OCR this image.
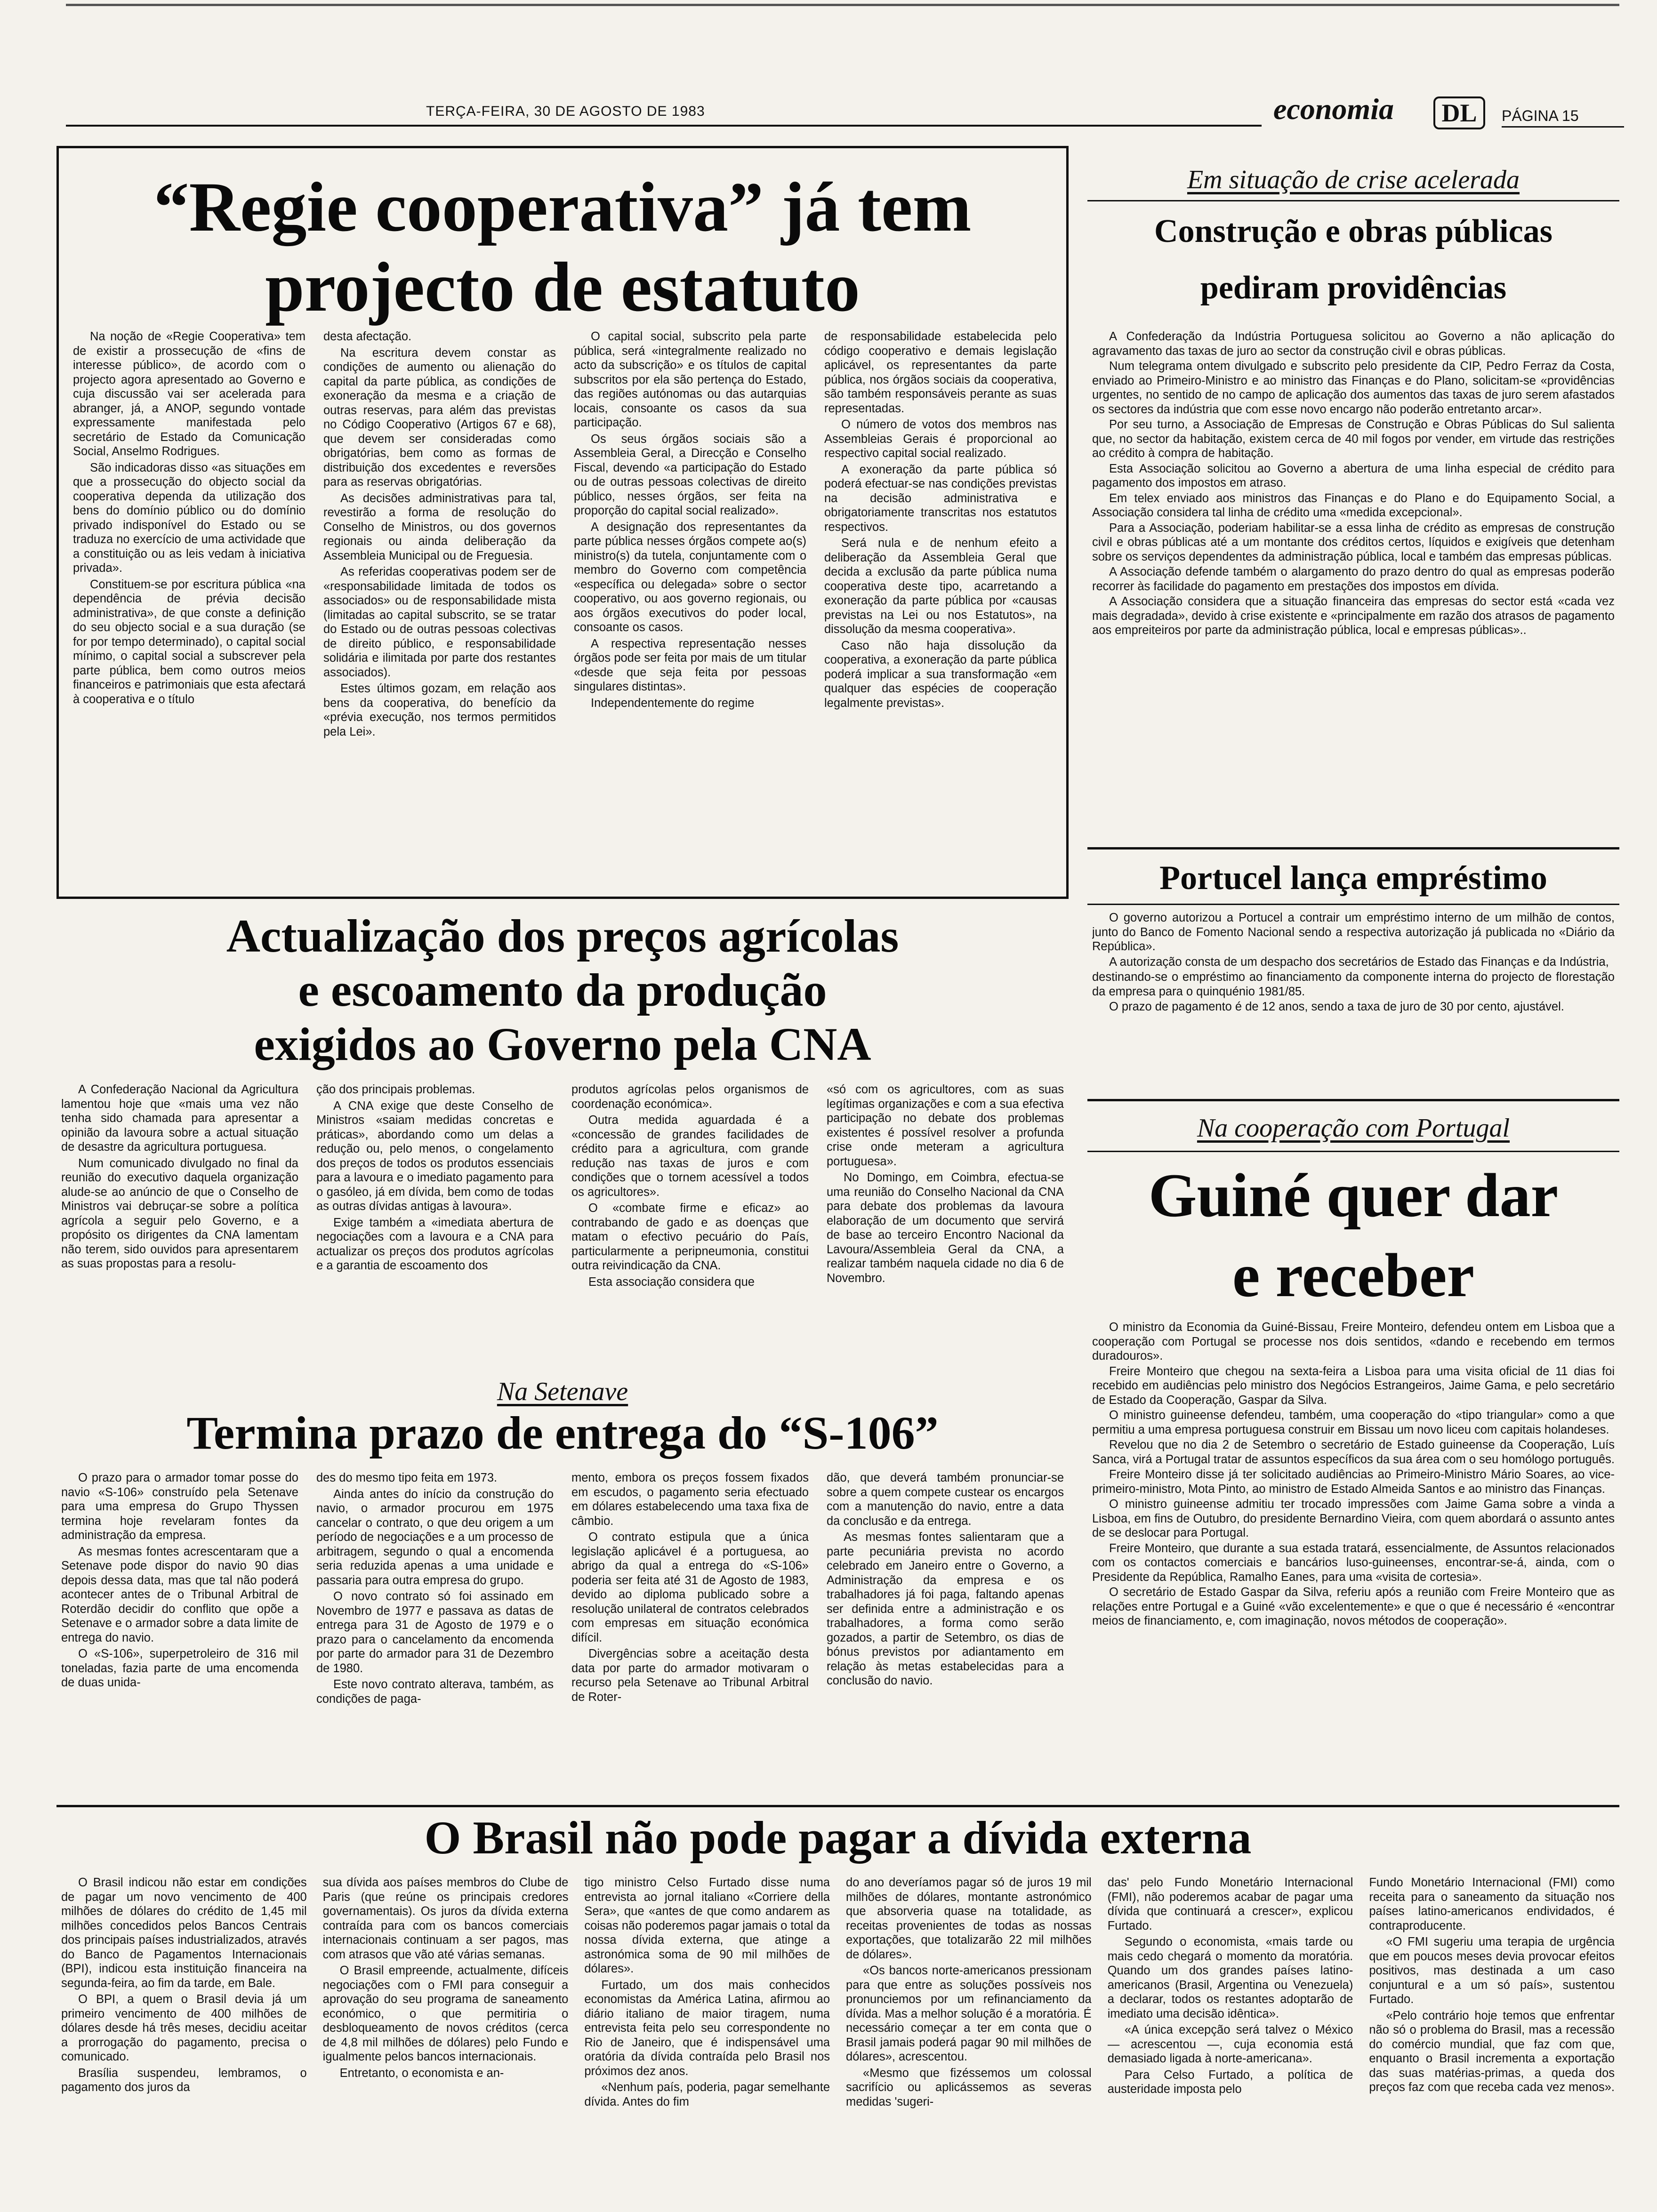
TERÇA-FEIRA, 30 DE AGOSTO DE 1983	economia DL PÁGINA 15
“Regie cooperativa” já tem
projecto de estatuto

Na noção de «Regie Cooperativa» tem de existir a prossecução de «fins de interesse público», de acordo com o projecto agora apresentado ao Governo e cuja discussão vai ser acelerada para abranger, já, a ANOP, segundo vontade expressamente manifestada pelo secretário de Estado da Comunicação Social, Anselmo Rodrigues.

São indicadoras disso «as situações em que a prossecução do objecto social da cooperativa dependa da utilização dos bens do domínio público ou do domínio privado indisponível do Estado ou se traduza no exercício de uma actividade que a constituição ou as leis vedam à iniciativa privada».

Constituem-se por escritura pública «na dependência de prévia decisão administrativa», de que conste a definição do seu objecto social e a sua duração (se for por tempo determinado), o capital social mínimo, o capital social a subscrever pela parte pública, bem como outros meios financeiros e patrimoniais que esta afectará à cooperativa e o título

desta afectação.

Na escritura devem constar as condições de aumento ou alienação do capital da parte pública, as condições de exoneração da mesma e a criação de outras reservas, para além das previstas no Código Cooperativo (Artigos 67 e 68), que devem ser consideradas como obrigatórias, bem como as formas de distribuição dos excedentes e reversões para as reservas obrigatórias.

As decisões administrativas para tal, revestirão a forma de resolução do Conselho de Ministros, ou dos governos regionais ou ainda deliberação da Assembleia Municipal ou de Freguesia.

As referidas cooperativas podem ser de «responsabilidade limitada de todos os associados» ou de responsabilidade mista (limitadas ao capital subscrito, se se tratar do Estado ou de outras pessoas colectivas de direito público, e responsabilidade solidária e ilimitada por parte dos restantes associados).

Estes últimos gozam, em relação aos bens da cooperativa, do benefício da «prévia execução, nos termos permitidos pela Lei».

O capital social, subscrito pela parte pública, será «integralmente realizado no acto da subscrição» e os títulos de capital subscritos por ela são pertença do Estado, das regiões autónomas ou das autarquias locais, consoante os casos da sua participação.

Os seus órgãos sociais são a Assembleia Geral, a Direcção e Conselho Fiscal, devendo «a participação do Estado ou de outras pessoas colectivas de direito público, nesses órgãos, ser feita na proporção do capital social realizado».

A designação dos representantes da parte pública nesses órgãos compete ao(s) ministro(s) da tutela, conjuntamente com o membro do Governo com competência «específica ou delegada» sobre o sector cooperativo, ou aos governo regionais, ou aos órgãos executivos do poder local, consoante os casos.

A respectiva representação nesses órgãos pode ser feita por mais de um titular «desde que seja feita por pessoas singulares distintas».

Independentemente do regime

de responsabilidade estabelecida pelo código cooperativo e demais legislação aplicável, os representantes da parte pública, nos órgãos sociais da cooperativa, são também responsáveis perante as suas representadas.

O número de votos dos membros nas Assembleias Gerais é proporcional ao respectivo capital social realizado.

A exoneração da parte pública só poderá efectuar-se nas condições previstas na decisão administrativa e obrigatoriamente transcritas nos estatutos respectivos.

Será nula e de nenhum efeito a deliberação da Assembleia Geral que decida a exclusão da parte pública numa cooperativa deste tipo, acarretando a exoneração da parte pública por «causas previstas na Lei ou nos Estatutos», na dissolução da mesma cooperativa».

Caso não haja dissolução da cooperativa, a exoneração da parte pública poderá implicar a sua transformação «em qualquer das espécies de cooperação legalmente previstas».

Em situação de crise acelerada
Construção e obras públicas
pediram providências

A Confederação da Indústria Portuguesa solicitou ao Governo a não aplicação do agravamento das taxas de juro ao sector da construção civil e obras públicas.

Num telegrama ontem divulgado e subscrito pelo presidente da CIP, Pedro Ferraz da Costa, enviado ao Primeiro-Ministro e ao ministro das Finanças e do Plano, solicitam-se «providências urgentes, no sentido de no campo de aplicação dos aumentos das taxas de juro serem afastados os sectores da indústria que com esse novo encargo não poderão entretanto arcar».

Por seu turno, a Associação de Empresas de Construção e Obras Públicas do Sul salienta que, no sector da habitação, existem cerca de 40 mil fogos por vender, em virtude das restrições ao crédito à compra de habitação.

Esta Associação solicitou ao Governo a abertura de uma linha especial de crédito para pagamento dos impostos em atraso.

Em telex enviado aos ministros das Finanças e do Plano e do Equipamento Social, a Associação considera tal linha de crédito uma «medida excepcional».

Para a Associação, poderiam habilitar-se a essa linha de crédito as empresas de construção civil e obras públicas até a um montante dos créditos certos, líquidos e exigíveis que detenham sobre os serviços dependentes da administração pública, local e também das empresas públicas.

A Associação defende também o alargamento do prazo dentro do qual as empresas poderão recorrer às facilidade do pagamento em prestações dos impostos em dívida.

A Associação considera que a situação financeira das empresas do sector está «cada vez mais degradada», devido à crise existente e «principalmente em razão dos atrasos de pagamento aos empreiteiros por parte da administração pública, local e empresas públicas»..

Portucel lança empréstimo

O governo autorizou a Portucel a contrair um empréstimo interno de um milhão de contos, junto do Banco de Fomento Nacional sendo a respectiva autorização já publicada no «Diário da República».

A autorização consta de um despacho dos secretários de Estado das Finanças e da Indústria,

destinando-se o empréstimo ao financiamento da componente interna do projecto de florestação da empresa para o quinquénio 1981/85.

O prazo de pagamento é de 12 anos, sendo a taxa de juro de 30 por cento, ajustável.

Actualização dos preços agrícolas
e escoamento da produção
exigidos ao Governo pela CNA

A Confederação Nacional da Agricultura lamentou hoje que «mais uma vez não tenha sido chamada para apresentar a opinião da lavoura sobre a actual situação de desastre da agricultura portuguesa.

Num comunicado divulgado no final da reunião do executivo daquela organização alude-se ao anúncio de que o Conselho de Ministros vai debruçar-se sobre a política agrícola a seguir pelo Governo, e a propósito os dirigentes da CNA lamentam não terem, sido ouvidos para apresentarem as suas propostas para a resolu-

ção dos principais problemas.

A CNA exige que deste Conselho de Ministros «saiam medidas concretas e práticas», abordando como um delas a redução ou, pelo menos, o congelamento dos preços de todos os produtos essenciais para a lavoura e o imediato pagamento para o gasóleo, já em dívida, bem como de todas as outras dívidas antigas à lavoura».

Exige também a «imediata abertura de negociações com a lavoura e a CNA para actualizar os preços dos produtos agrícolas e a garantia de escoamento dos

produtos agrícolas pelos organismos de coordenação económica».

Outra medida aguardada é a «concessão de grandes facilidades de crédito para a agricultura, com grande redução nas taxas de juros e com condições que o tornem acessível a todos os agricultores».

O «combate firme e eficaz» ao contrabando de gado e as doenças que matam o efectivo pecuário do País, particularmente a peripneumonia, constitui outra reivindicação da CNA.

Esta associação considera que

«só com os agricultores, com as suas legítimas organizações e com a sua efectiva participação no debate dos problemas existentes é possível resolver a profunda crise onde meteram a agricultura portuguesa».

No Domingo, em Coimbra, efectua-se uma reunião do Conselho Nacional da CNA para debate dos problemas da lavoura elaboração de um documento que servirá de base ao terceiro Encontro Nacional da Lavoura/Assembleia Geral da CNA, a realizar também naquela cidade no dia 6 de Novembro.

Na cooperação com Portugal
Guiné quer dar
e receber

O ministro da Economia da Guiné-Bissau, Freire Monteiro, defendeu ontem em Lisboa que a cooperação com Portugal se processe nos dois sentidos, «dando e recebendo em termos duradouros».

Freire Monteiro que chegou na sexta-feira a Lisboa para uma visita oficial de 11 dias foi recebido em audiências pelo ministro dos Negócios Estrangeiros, Jaime Gama, e pelo secretário de Estado da Cooperação, Gaspar da Silva.

O ministro guineense defendeu, também, uma cooperação do «tipo triangular» como a que permitiu a uma empresa portuguesa construir em Bissau um novo liceu com capitais holandeses.

Revelou que no dia 2 de Setembro o secretário de Estado guineense da Cooperação, Luís Sanca, virá a Portugal tratar de assuntos específicos da sua área com o seu homólogo português.

Freire Monteiro disse já ter solicitado audiências ao Primeiro-Ministro Mário Soares, ao vice-primeiro-ministro, Mota Pinto, ao ministro de Estado Almeida Santos e ao ministro das Finanças.

O ministro guineense admitiu ter trocado impressões com Jaime Gama sobre a vinda a Lisboa, em fins de Outubro, do presidente Bernardino Vieira, com quem abordará o assunto antes de se deslocar para Portugal.

Freire Monteiro, que durante a sua estada tratará, essencialmente, de Assuntos relacionados com os contactos comerciais e bancários luso-guineenses, encontrar-se-á, ainda, com o Presidente da República, Ramalho Eanes, para uma «visita de cortesia».

O secretário de Estado Gaspar da Silva, referiu após a reunião com Freire Monteiro que as relações entre Portugal e a Guiné «vão excelentemente» e que o que é necessário é «encontrar meios de financiamento, e, com imaginação, novos métodos de cooperação».

Na Setenave
Termina prazo de entrega do “S-106”

O prazo para o armador tomar posse do navio «S-106» construído pela Setenave para uma empresa do Grupo Thyssen termina hoje revelaram fontes da administração da empresa.

As mesmas fontes acrescentaram que a Setenave pode dispor do navio 90 dias depois dessa data, mas que tal não poderá acontecer antes de o Tribunal Arbitral de Roterdão decidir do conflito que opõe a Setenave e o armador sobre a data limite de entrega do navio.

O «S-106», superpetroleiro de 316 mil toneladas, fazia parte de uma encomenda de duas unida-

des do mesmo tipo feita em 1973.

Ainda antes do início da construção do navio, o armador procurou em 1975 cancelar o contrato, o que deu origem a um período de negociações e a um processo de arbitragem, segundo o qual a encomenda seria reduzida apenas a uma unidade e passaria para outra empresa do grupo.

O novo contrato só foi assinado em Novembro de 1977 e passava as datas de entrega para 31 de Agosto de 1979 e o prazo para o cancelamento da encomenda por parte do armador para 31 de Dezembro de 1980.

Este novo contrato alterava, também, as condições de paga-

mento, embora os preços fossem fixados em escudos, o pagamento seria efectuado em dólares estabelecendo uma taxa fixa de câmbio.

O contrato estipula que a única legislação aplicável é a portuguesa, ao abrigo da qual a entrega do «S-106» poderia ser feita até 31 de Agosto de 1983, devido ao diploma publicado sobre a resolução unilateral de contratos celebrados com empresas em situação económica difícil.

Divergências sobre a aceitação desta data por parte do armador motivaram o recurso pela Setenave ao Tribunal Arbitral de Roter-

dão, que deverá também pronunciar-se sobre a quem compete custear os encargos com a manutenção do navio, entre a data da conclusão e da entrega.

As mesmas fontes salientaram que a parte pecuniária prevista no acordo celebrado em Janeiro entre o Governo, a Administração da empresa e os trabalhadores já foi paga, faltando apenas ser definida entre a administração e os trabalhadores, a forma como serão gozados, a partir de Setembro, os dias de bónus previstos por adiantamento em relação às metas estabelecidas para a conclusão do navio.

O Brasil não pode pagar a dívida externa

O Brasil indicou não estar em condições de pagar um novo vencimento de 400 milhões de dólares do crédito de 1,45 mil milhões concedidos pelos Bancos Centrais dos principais países industrializados, através do Banco de Pagamentos Internacionais (BPI), indicou esta instituição financeira na segunda-feira, ao fim da tarde, em Bale.

O BPI, a quem o Brasil devia já um primeiro vencimento de 400 milhões de dólares desde há três meses, decidiu aceitar a prorrogação do pagamento, precisa o comunicado.

Brasília suspendeu, lembramos, o pagamento dos juros da

sua dívida aos países membros do Clube de Paris (que reúne os principais credores governamentais). Os juros da dívida externa contraída para com os bancos comerciais internacionais continuam a ser pagos, mas com atrasos que vão até várias semanas.

O Brasil empreende, actualmente, difíceis negociações com o FMI para conseguir a aprovação do seu programa de saneamento económico, o que permitiria o desbloqueamento de novos créditos (cerca de 4,8 mil milhões de dólares) pelo Fundo e igualmente pelos bancos internacionais.

Entretanto, o economista e an-

tigo ministro Celso Furtado disse numa entrevista ao jornal italiano «Corriere della Sera», que «antes de que como andarem as coisas não poderemos pagar jamais o total da nossa dívida externa, que atinge a astronómica soma de 90 mil milhões de dólares».

Furtado, um dos mais conhecidos economistas da América Latina, afirmou ao diário italiano de maior tiragem, numa entrevista feita pelo seu correspondente no Rio de Janeiro, que é indispensável uma oratória da dívida contraída pelo Brasil nos próximos dez anos.

«Nenhum país, poderia, pagar semelhante dívida. Antes do fim

do ano deveríamos pagar só de juros 19 mil milhões de dólares, montante astronómico que absorveria quase na totalidade, as receitas provenientes de todas as nossas exportações, que totalizarão 22 mil milhões de dólares».

«Os bancos norte-americanos pressionam para que entre as soluções possíveis nos pronunciemos por um refinanciamento da dívida. Mas a melhor solução é a moratória. É necessário começar a ter em conta que o Brasil jamais poderá pagar 90 mil milhões de dólares», acrescentou.

«Mesmo que fizéssemos um colossal sacrifício ou aplicássemos as severas medidas 'sugeri-

das' pelo Fundo Monetário Internacional (FMI), não poderemos acabar de pagar uma dívida que continuará a crescer», explicou Furtado.

Segundo o economista, «mais tarde ou mais cedo chegará o momento da moratória. Quando um dos grandes países latino-americanos (Brasil, Argentina ou Venezuela) a declarar, todos os restantes adoptarão de imediato uma decisão idêntica».

«A única excepção será talvez o México — acrescentou —, cuja economia está demasiado ligada à norte-americana».

Para Celso Furtado, a política de austeridade imposta pelo

Fundo Monetário Internacional (FMI) como receita para o saneamento da situação nos países latino-americanos endividados, é contraproducente.

«O FMI sugeriu uma terapia de urgência que em poucos meses devia provocar efeitos positivos, mas destinada a um caso conjuntural e a um só país», sustentou Furtado.

«Pelo contrário hoje temos que enfrentar não só o problema do Brasil, mas a recessão do comércio mundial, que faz com que, enquanto o Brasil incrementa a exportação das suas matérias-primas, a queda dos preços faz com que receba cada vez menos».
